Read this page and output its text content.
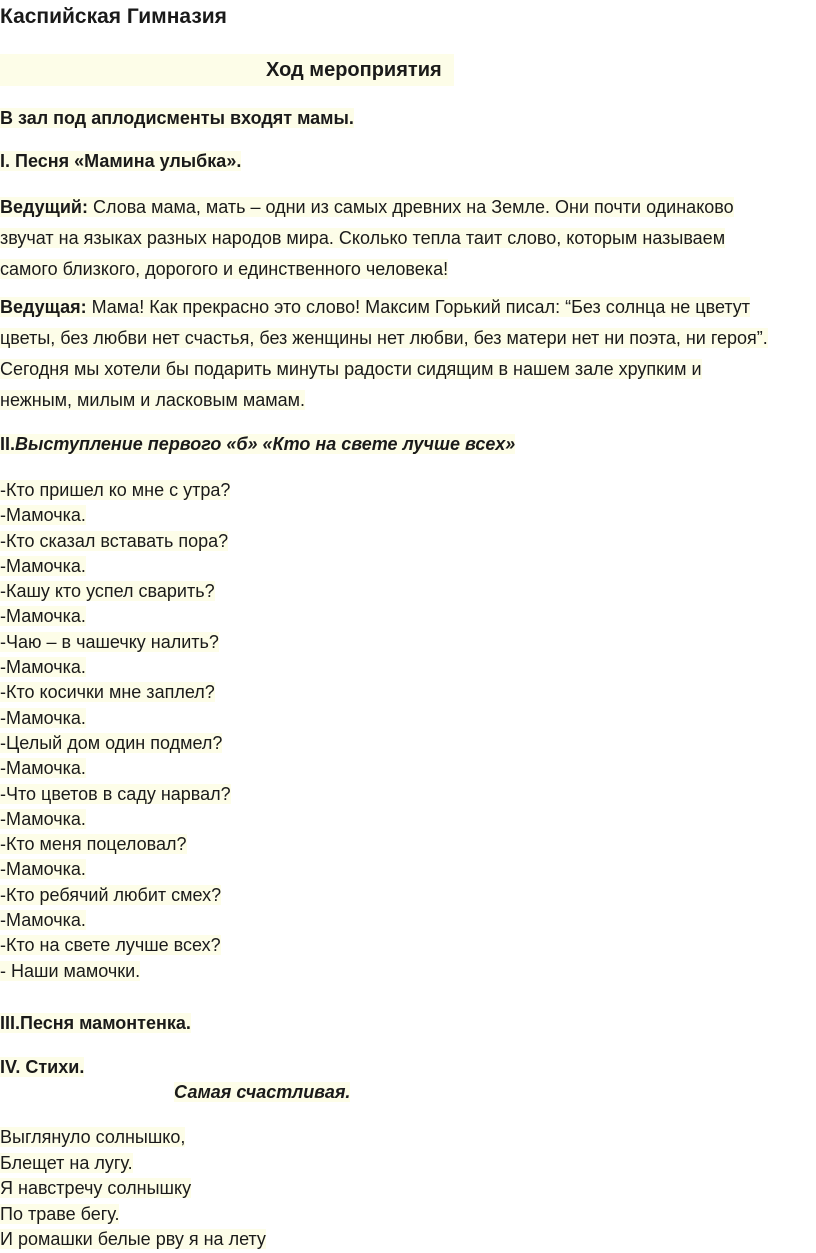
Каспийская Гимназия
Ход мероприятия
В зал под аплодисменты входят мамы.
I. Песня «Мамина улыбка».
Ведущий: Слова мама, мать – одни из самых древних на Земле. Они почти одинаково
звучат на языках разных народов мира. Сколько тепла таит слово, которым называем
самого близкого, дорогого и единственного человека!
Ведущая: Мама! Как прекрасно это слово! Максим Горький писал: “Без солнца не цветут
цветы, без любви нет счастья, без женщины нет любви, без матери нет ни поэта, ни героя”.
Сегодня мы хотели бы подарить минуты радости сидящим в нашем зале хрупким и
нежным, милым и ласковым мамам.
II.Выступление первого «б» «Кто на свете лучше всех»
-Кто пришел ко мне с утра?
-Мамочка.
-Кто сказал вставать пора?
-Мамочка.
-Кашу кто успел сварить?
-Мамочка.
-Чаю – в чашечку налить?
-Мамочка.
-Кто косички мне заплел?
-Мамочка.
-Целый дом один подмел?
-Мамочка.
-Что цветов в саду нарвал?
-Мамочка.
-Кто меня поцеловал?
-Мамочка.
-Кто ребячий любит смех?
-Мамочка.
-Кто на свете лучше всех?
- Наши мамочки.
III.Песня мамонтенка.
IV. Стихи.
Самая счастливая.
Выглянуло солнышко,
Блещет на лугу.
Я навстречу солнышку
По траве бегу.
И ромашки белые рву я на лету
